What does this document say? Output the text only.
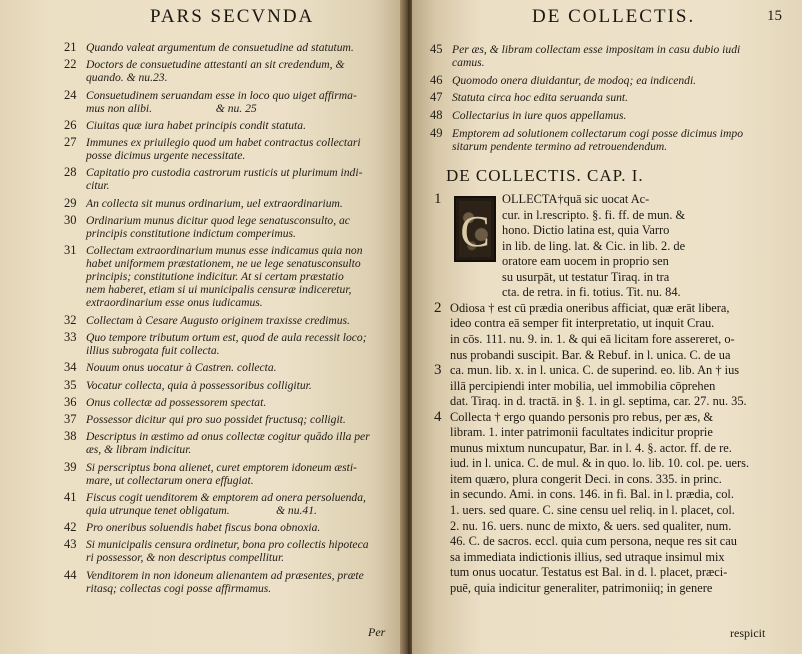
PARS SECVNDA
21 Quando valeat argumentum de consuetudine ad statutum.
22 Doctors de consuetudine attestanti an sit credendum, &
quando. & nu.23.
24 Consuetudinem seruandam esse in loco quo uiget affirma-
mus non alibi.                      & nu. 25
26 Ciuitas quæ iura habet principis condit statuta.
27 Immunes ex priuilegio quod um habet contractus collectari
posse dicimus urgente necessitate.
28 Capitatio pro custodia castrorum rusticis ut plurimum indi-
citur.
29 An collecta sit munus ordinarium, uel extraordinarium.
30 Ordinarium munus dicitur quod lege senatusconsulto, ac
principis constitutione indictum comperimus.
31 Collectam extraordinarium munus esse indicamus quia non
habet uniformem præstationem, ne ue lege senatusconsulto
principis; constitutione indicitur. At si certam præstatio
nem haberet, etiam si ui municipalis censuræ indiceretur,
extraordinarium esse onus iudicamus.
32 Collectam à Cesare Augusto originem traxisse credimus.
33 Quo tempore tributum ortum est, quod de aula recessit loco;
illius subrogata fuit collecta.
34 Nouum onus uocatur à Castren. collecta.
35 Vocatur collecta, quia à possessoribus colligitur.
36 Onus collectæ ad possessorem spectat.
37 Possessor dicitur qui pro suo possidet fructusq; colligit.
38 Descriptus in æstimo ad onus collectæ cogitur quādo illa per
æs, & libram indicitur.
39 Si perscriptus bona alienet, curet emptorem idoneum æsti-
mare, ut collectarum onera effugiat.
41 Fiscus cogit uenditorem & emptorem ad onera persoluenda,
quia utrunque tenet obligatum.                & nu.41.
42 Pro oneribus soluendis habet fiscus bona obnoxia.
43 Si municipalis censura ordinetur, bona pro collectis hipoteca
ri possessor, & non descriptus compellitur.
44 Venditorem in non idoneum alienantem ad præsentes, præte
ritasq; collectas cogi posse affirmamus.
Per
DE COLLECTIS.	15
45 Per æs, & libram collectam esse impositam in casu dubio iudi
camus.
46 Quomodo onera diuidantur, de modoq; ea indicendi.
47 Statuta circa hoc edita seruanda sunt.
48 Collectarius in iure quos appellamus.
49 Emptorem ad solutionem collectarum cogi posse dicimus impo
sitarum pendente termino ad retrouendendum.
DE COLLECTIS. CAP. I.
C
OLLECTA†quā sic uocat Ac-
cur. in l.rescripto. §. fi. ff. de mun. &
hono. Dictio latina est, quia Varro
in lib. de ling. lat. & Cic. in lib. 2. de
oratore eam uocem in proprio sen
su usurpāt, ut testatur Tiraq. in tra
cta. de retra. in fi. totius. Tit. nu. 84.
Odiosa † est cū prædia oneribus afficiat, quæ erāt libera,
ideo contra eā semper fit interpretatio, ut inquit Crau.
in cōs. 111. nu. 9. in. 1. & qui eā licitam fore assereret, o-
nus probandi suscipit. Bar. & Rebuf. in l. unica. C. de ua
ca. mun. lib. x. in l. unica. C. de superind. eo. lib. An † ius
illā percipiendi inter mobilia, uel immobilia cōprehen
dat. Tiraq. in d. tractā. in §. 1. in gl. septima, car. 27. nu. 35.
Collecta † ergo quando personis pro rebus, per æs, &
libram. 1. inter patrimonii facultates indicitur proprie
munus mixtum nuncupatur, Bar. in l. 4. §. actor. ff. de re.
iud. in l. unica. C. de mul. & in quo. lo. lib. 10. col. pe. uers.
item quæro, plura congerit Deci. in cons. 335. in princ.
in secundo. Ami. in cons. 146. in fi. Bal. in l. prædia, col.
1. uers. sed quare. C. sine censu uel reliq. in l. placet, col.
2. nu. 16. uers. nunc de mixto, & uers. sed qualiter, num.
46. C. de sacros. eccl. quia cum persona, neque res sit cau
sa immediata indictionis illius, sed utraque insimul mix
tum onus uocatur. Testatus est Bal. in d. l. placet, præci-
puē, quia indicitur generaliter, patrimoniiq; in genere
1
2
3
4
respicit
